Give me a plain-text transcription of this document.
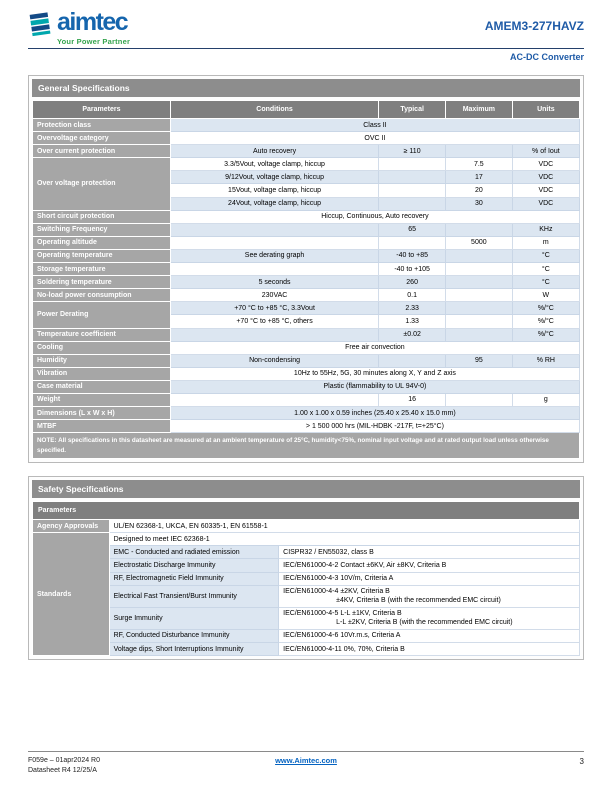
aimtec
Your Power Partner
AMEM3-277HAVZ
AC-DC Converter
General Specifications
Parameters	Conditions	Typical	Maximum	Units
Protection class	Class II			
Overvoltage category	OVC II			
Over current protection	Auto recovery	≥ 110		% of Iout
Over voltage protection	3.3/5Vout, voltage clamp, hiccup		7.5	VDC
	9/12Vout, voltage clamp, hiccup		17	VDC
	15Vout, voltage clamp, hiccup		20	VDC
	24Vout, voltage clamp, hiccup		30	VDC
Short circuit protection	Hiccup, Continuous, Auto recovery			
Switching Frequency		65		KHz
Operating altitude			5000	m
Operating temperature	See derating graph	-40 to +85		°C
Storage temperature		-40 to +105		°C
Soldering temperature	5 seconds	260		°C
No-load power consumption	230VAC	0.1		W
Power Derating	+70 °C to +85 °C, 3.3Vout	2.33		%/°C
	+70 °C to +85 °C, others	1.33		%/°C
Temperature coefficient		±0.02		%/°C
Cooling	Free air convection			
Humidity	Non-condensing		95	% RH
Vibration	10Hz to 55Hz, 5G, 30 minutes along X, Y and Z axis			
Case material	Plastic (flammability to UL 94V-0)			
Weight		16		g
Dimensions (L x W x H)	1.00 x 1.00 x 0.59 inches (25.40 x 25.40 x 15.0 mm)			
MTBF	> 1 500 000 hrs (MIL-HDBK -217F, t=+25°C)			
NOTE: All specifications in this datasheet are measured at an ambient temperature of 25°C, humidity<75%, nominal input voltage and at rated output load unless otherwise specified.				
Safety Specifications
Parameters		
Agency Approvals	UL/EN 62368-1, UKCA, EN 60335-1, EN 61558-1	
Standards	Designed to meet IEC 62368-1	
	EMC - Conducted and radiated emission	CISPR32 / EN55032, class B

	Electrostatic Discharge Immunity	IEC/EN61000-4-2 Contact ±6KV, Air ±8KV, Criteria B

	RF, Electromagnetic Field Immunity	IEC/EN61000-4-3 10V/m, Criteria A

	Electrical Fast Transient/Burst Immunity	IEC/EN61000-4-4 ±2KV, Criteria B
±4KV, Criteria B (with the recommended EMC circuit)

	Surge Immunity	IEC/EN61000-4-5 L-L ±1KV, Criteria B
L-L ±2KV, Criteria B (with the recommended EMC circuit)

	RF, Conducted Disturbance Immunity	IEC/EN61000-4-6 10Vr.m.s, Criteria A

	Voltage dips, Short Interruptions Immunity	IEC/EN61000-4-11 0%, 70%, Criteria B
F059e – 01apr2024 R0
Datasheet R4 12/25/A
www.Aimtec.com	3
